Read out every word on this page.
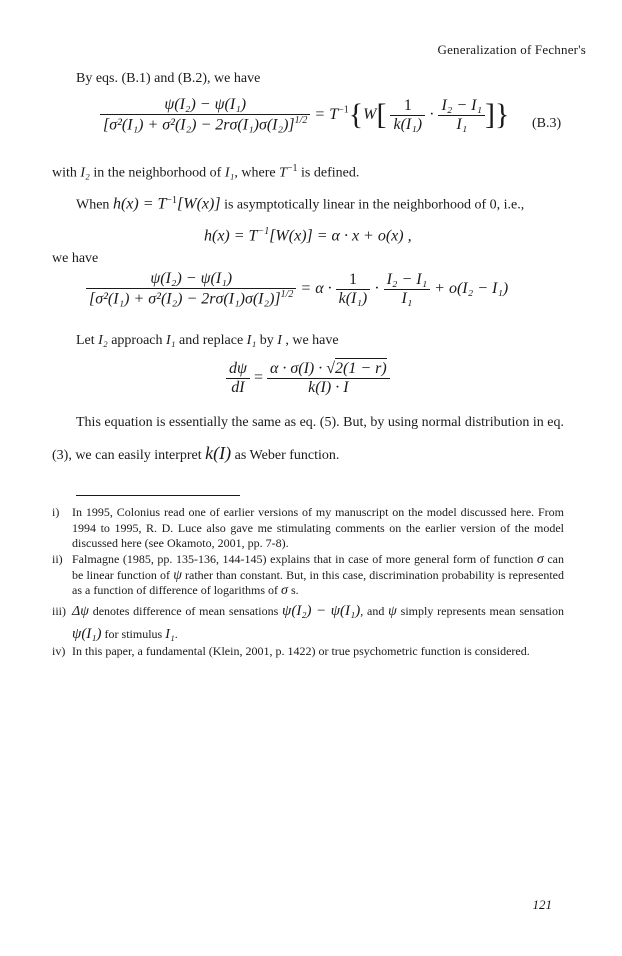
Generalization of Fechner's
By eqs. (B.1) and (B.2), we have
$\frac{\text{ψ(I₂) − ψ(I₁)}}{[\sigma^2(I_1) + \sigma^2(I_2) - 2r\sigma(I_1)\sigma(I_2)]^{1/2}} = T^{-1}\{W[ \frac{1}{\text{k(I₁)}} \cdot \frac{\text{I₂ − I₁}}{\text{I₁}}$ ]} (B.3)
with I₂ in the neighborhood of I₁, where $T^{-1}$ is defined.
When $h(x) = T^{-1}[W(x)]$ is asymptotically linear in the neighborhood of 0, i.e.,
$h(x) = T^{-1}[W(x)] = \alpha \cdot x + o(x)$ ,
we have
$\frac{\text{ψ(I₂) − ψ(I₁)}}{[\sigma^2(I_1) + \sigma^2(I_2) - 2r\sigma(I_1)\sigma(I_2)]^{1/2}} = \alpha \cdot \frac{1}{\text{k(I₁)}} \cdot \frac{\text{I₂ − I₁}}{\text{I₁}} + o(I_2 - I_1)$
Let I₂ approach I₁ and replace I₁ by I , we have
$\frac{d\psi}{dI} = \frac{\alpha \cdot \sigma(I) \cdot √2(1 - r)}{k(I) \cdot I}$
This equation is essentially the same as eq. (5). But, by using normal distribution in eq.
(3), we can easily interpret k(I) as Weber function.
i) In 1995, Colonius read one of earlier versions of my manuscript on the model discussed here. From 1994 to 1995, R. D. Luce also gave me stimulating comments on the earlier version of the model discussed here (see Okamoto, 2001, pp. 7-8).
ii) Falmagne (1985, pp. 135-136, 144-145) explains that in case of more general form of function σ can be linear function of ψ rather than constant. But, in this case, discrimination probability is represented as a function of difference of logarithms of σ s.
iii) Δψ denotes difference of mean sensations ψ(I₂) − ψ(I₁), and ψ simply represents mean sensation ψ(I₁) for stimulus I₁.
iv) In this paper, a fundamental (Klein, 2001, p. 1422) or true psychometric function is considered.
121
